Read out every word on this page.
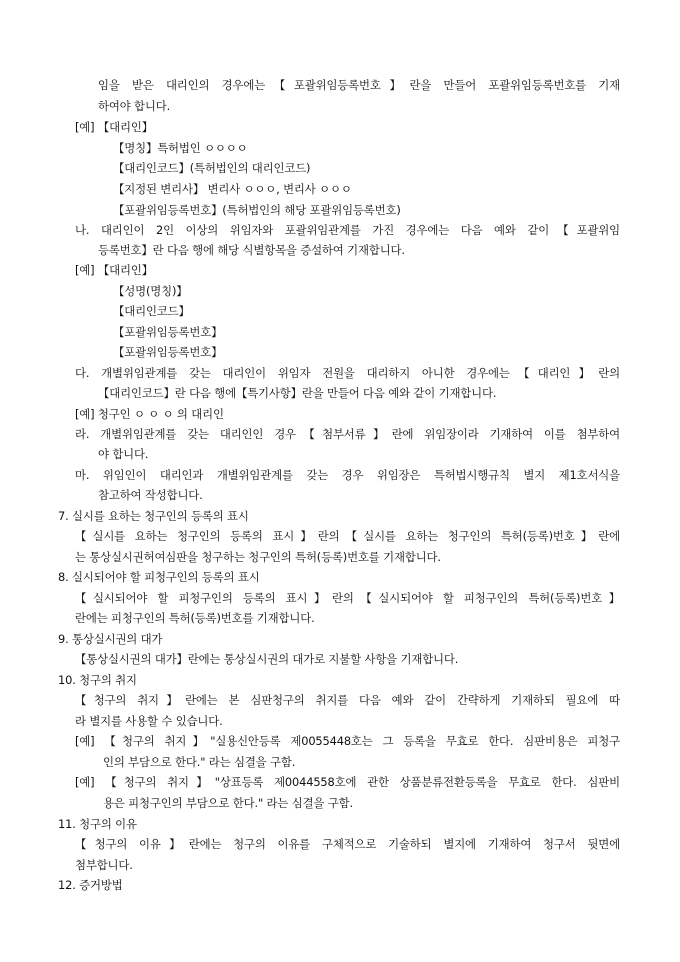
임을 받은 대리인의 경우에는【포괄위임등록번호】란을 만들어 포괄위임등록번호를 기재
하여야 합니다.
[예] 【대리인】
【명칭】특허법인 ㅇㅇㅇㅇ
【대리인코드】(특허법인의 대리인코드)
【지정된 변리사】 변리사 ㅇㅇㅇ, 변리사 ㅇㅇㅇ
【포괄위임등록번호】(특허법인의 해당 포괄위임등록번호)
나. 대리인이 2인 이상의 위임자와 포괄위임관계를 가진 경우에는 다음 예와 같이【포괄위임
등록번호】란 다음 행에 해당 식별항목을 증설하여 기재합니다.
[예] 【대리인】
【성명(명칭)】
【대리인코드】
【포괄위임등록번호】
【포괄위임등록번호】
다. 개별위임관계를 갖는 대리인이 위임자 전원을 대리하지 아니한 경우에는【대리인】란의
【대리인코드】란 다음 행에【특기사항】란을 만들어 다음 예와 같이 기재합니다.
[예] 청구인 ㅇ ㅇ ㅇ 의 대리인
라. 개별위임관계를 갖는 대리인인 경우【첨부서류】란에 위임장이라 기재하여 이를 첨부하여
야 합니다.
마. 위임인이 대리인과 개별위임관계를 갖는 경우 위임장은 특허법시행규칙 별지 제1호서식을
참고하여 작성합니다.
7. 실시를 요하는 청구인의 등록의 표시
【실시를 요하는 청구인의 등록의 표시】란의【실시를 요하는 청구인의 특허(등록)번호】란에
는 통상실시권허여심판을 청구하는 청구인의 특허(등록)번호를 기재합니다.
8. 실시되어야 할 피청구인의 등록의 표시
【실시되어야 할 피청구인의 등록의 표시】란의【실시되어야 할 피청구인의 특허(등록)번호】
란에는 피청구인의 특허(등록)번호를 기재합니다.
9. 통상실시권의 대가
【통상실시권의 대가】란에는 통상실시권의 대가로 지불할 사항을 기재합니다.
10. 청구의 취지
【청구의 취지】란에는 본 심판청구의 취지를 다음 예와 같이 간략하게 기재하되 필요에 따
라 별지를 사용할 수 있습니다.
[예] 【청구의 취지】"실용신안등록 제0055448호는 그 등록을 무효로 한다. 심판비용은 피청구
인의 부담으로 한다." 라는 심결을 구함.
[예] 【청구의 취지】"상표등록 제0044558호에 관한 상품분류전환등록을 무효로 한다. 심판비
용은 피청구인의 부담으로 한다." 라는 심결을 구함.
11. 청구의 이유
【청구의 이유】란에는 청구의 이유를 구체적으로 기술하되 별지에 기재하여 청구서 뒷면에
첨부합니다.
12. 증거방법
